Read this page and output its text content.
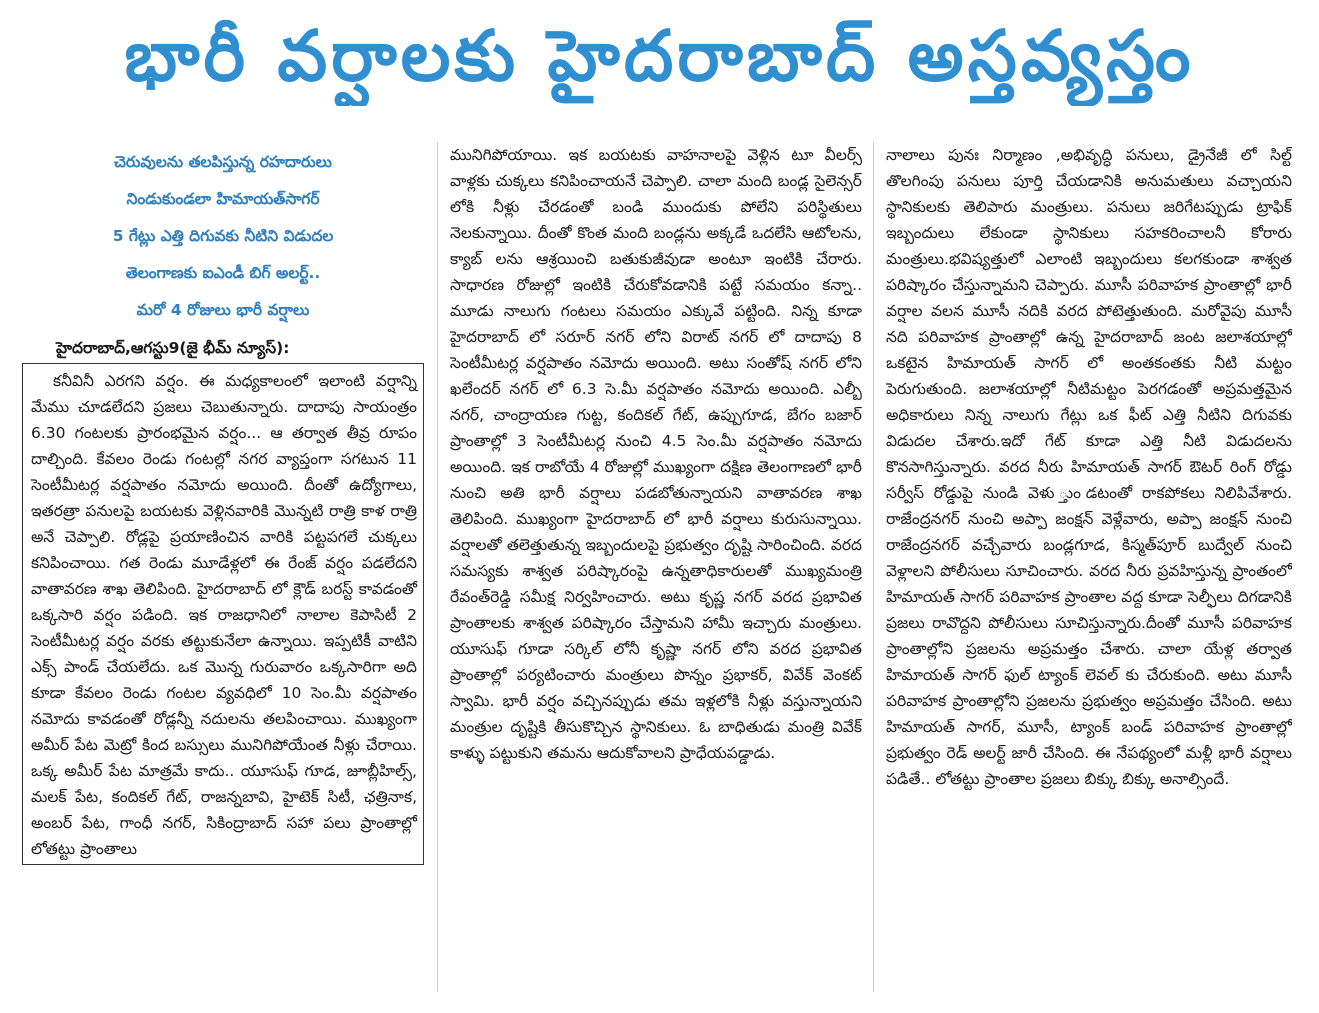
భారీ వర్షాలకు హైదరాబాద్ అస్తవ్యస్తం
చెరువులను తలపిస్తున్న రహదారులు
నిండుకుండలా హిమాయత్‌సాగర్
5 గేట్లు ఎత్తి దిగువకు నీటిని విడుదల
తెలంగాణకు ఐఎండీ బిగ్ అలర్ట్..
మరో 4 రోజులు భారీ వర్షాలు
హైదరాబాద్,ఆగస్టు9(జై భీమ్ న్యూస్):

కనీవినీ ఎరగని వర్షం. ఈ మధ్యకాలంలో ఇలాంటి వర్షాన్ని మేము చూడలేదని ప్రజలు చెబుతున్నారు. దాదాపు సాయంత్రం 6.30 గంటలకు ప్రారంభమైన వర్షం... ఆ తర్వాత తీవ్ర రూపం దాల్చింది. కేవలం రెండు గంటల్లో నగర వ్యాప్తంగా సగటున 11 సెంటీమీటర్ల వర్షపాతం నమోదు అయింది. దీంతో ఉద్యోగాలు, ఇతరత్రా పనులపై బయటకు వెళ్లినవారికి మొన్నటి రాత్రి కాళ రాత్రి అనే చెప్పాలి. రోడ్లపై ప్రయాణించిన వారికి పట్టపగలే చుక్కలు కనిపించాయి. గత రెండు మూడేళ్లలో ఈ రేంజ్ వర్షం పడలేదని వాతావరణ శాఖ తెలిపింది. హైదరాబాద్ లో క్లౌడ్ బరస్ట్ కావడంతో ఒక్కసారి వర్షం పడింది. ఇక రాజధానిలో నాలాల కెపాసిటీ 2 సెంటీమీటర్ల వర్షం వరకు తట్టుకునేలా ఉన్నాయి. ఇప్పటికీ వాటిని ఎక్స్ పాండ్ చేయలేదు. ఒక మొన్న గురువారం ఒక్కసారిగా అది కూడా కేవలం రెండు గంటల వ్యవధిలో 10 సెం.మీ వర్షపాతం నమోదు కావడంతో రోడ్లన్నీ నదులను తలపించాయి. ముఖ్యంగా అమీర్ పేట మెట్రో కింద బస్సులు మునిగిపోయేంత నీళ్లు చేరాయి. ఒక్క అమీర్ పేట మాత్రమే కాదు.. యూసుఫ్ గూడ, జూబ్లీహిల్స్, మలక్ పేట, కందికల్ గేట్, రాజన్నబావి, హైటెక్ సిటీ, ఛత్రినాక, అంబర్ పేట, గాంధీ నగర్, సికింద్రాబాద్ సహా పలు ప్రాంతాల్లో లోతట్టు ప్రాంతాలు

మునిగిపోయాయి. ఇక బయటకు వాహనాలపై వెళ్లిన టూ వీలర్స్ వాళ్లకు చుక్కలు కనిపించాయనే చెప్పాలి. చాలా మంది బండ్ల సైలెన్సర్ లోకి నీళ్లు చేరడంతో బండి ముందుకు పోలేని పరిస్థితులు నెలకున్నాయి. దీంతో కొంత మంది బండ్లను అక్కడే ఒదలేసి ఆటోలను, క్యాబ్ లను ఆశ్రయించి బతుకుజీవుడా అంటూ ఇంటికి చేరారు. సాధారణ రోజుల్లో ఇంటికి చేరుకోవడానికి పట్టే సమయం కన్నా.. మూడు నాలుగు గంటలు సమయం ఎక్కువే పట్టింది. నిన్న కూడా హైదరాబాద్ లో సరూర్ నగర్ లోని విరాట్ నగర్ లో దాదాపు 8 సెంటీమీటర్ల వర్షపాతం నమోదు అయింది. అటు సంతోష్ నగర్ లోని ఖలేందర్ నగర్ లో 6.3 సె.మీ వర్షపాతం నమోదు అయింది. ఎల్బీ నగర్, చాంద్రాయణ గుట్ట, కందికల్ గేట్, ఉప్పుగూడ, బేగం బజార్ ప్రాంతాల్లో 3 సెంటీమీటర్ల నుంచి 4.5 సెం.మీ వర్షపాతం నమోదు అయింది. ఇక రాబోయే 4 రోజుల్లో ముఖ్యంగా దక్షిణ తెలంగాణలో భారీ నుంచి అతి భారీ వర్షాలు పడబోతున్నాయని వాతావరణ శాఖ తెలిపింది. ముఖ్యంగా హైదరాబాద్ లో భారీ వర్షాలు కురుసున్నాయి. వర్షాలతో తలెత్తుతున్న ఇబ్బందులపై ప్రభుత్వం దృష్టి సారించింది. వరద సమస్యకు శాశ్వత పరిష్కారంపై ఉన్నతాధికారులతో ముఖ్యమంత్రి రేవంత్‌రెడ్డి సమీక్ష నిర్వహించారు. అటు కృష్ణ నగర్ వరద ప్రభావిత ప్రాంతాలకు శాశ్వత పరిష్కారం చేస్తామని హామీ ఇచ్చారు మంత్రులు. యూసుఫ్ గూడా సర్కిల్ లోనీ కృష్ణా నగర్ లోని వరద ప్రభావిత ప్రాంతాల్లో పర్యటించారు మంత్రులు పొన్నం ప్రభాకర్, వివేక్ వెంకట్ స్వామి. భారీ వర్షం వచ్చినప్పుడు తమ ఇళ్లలోకి నీళ్లు వస్తున్నాయని మంత్రుల దృష్టికి తీసుకొచ్చిన స్థానికులు. ఓ బాధితుడు మంత్రి వివేక్ కాళ్ళు పట్టుకుని తమను ఆదుకోవాలని ప్రాధేయపడ్డాడు.

నాలాలు పునః నిర్మాణం ,అభివృద్ధి పనులు, డ్రైనేజీ లో సిల్ట్ తొలగింపు పనులు పూర్తి చేయడానికి అనుమతులు వచ్చాయని స్థానికులకు తెలిపారు మంత్రులు. పనులు జరిగేటప్పుడు ట్రాఫిక్ ఇబ్బందులు లేకుండా స్థానికులు సహకరించాలనీ కోరారు మంత్రులు.భవిష్యత్తులో ఎలాంటి ఇబ్బందులు కలగకుండా శాశ్వత పరిష్కారం చేస్తున్నామని చెప్పారు. మూసీ పరివాహక ప్రాంతాల్లో భారీ వర్షాల వలన మూసీ నదికి వరద పోటెత్తుతుంది. మరోవైపు మూసీ నది పరివాహక ప్రాంతాల్లో ఉన్న హైదరాబాద్ జంట జలాశయాల్లో ఒకటైన హిమాయత్ సాగర్ లో అంతకంతకు నీటి మట్టం పెరుగుతుంది. జలాశయాల్లో నీటిమట్టం పెరగడంతో అప్రమత్తమైన అధికారులు నిన్న నాలుగు గేట్లు ఒక ఫీట్ ఎత్తి నీటిని దిగువకు విడుదల చేశారు.ఇదో గేట్ కూడా ఎత్తి నీటి విడుదలను కొనసాగిస్తున్నారు. వరద నీరు హిమాయత్ సాగర్ ఔటర్ రింగ్ రోడ్డు సర్వీస్ రోడ్డుపై నుండి వెళు ్తుండటంతో రాకపోకలు నిలిపివేశారు. రాజేంద్రనగర్ నుంచి అప్పా జంక్షన్ వెళ్లేవారు, అప్పా జంక్షన్ నుంచి రాజేంద్రనగర్ వచ్చేవారు బండ్లగూడ, కిస్మత్‌పూర్ బుద్వేల్ నుంచి వెళ్లాలని పోలీసులు సూచించారు. వరద నీరు ప్రవహిస్తున్న ప్రాంతంలో హిమాయత్ సాగర్ పరివాహక ప్రాంతాల వద్ద కూడా సెల్ఫీలు దిగడానికి ప్రజలు రావొద్దని పోలీసులు సూచిస్తున్నారు.దీంతో మూసీ పరివాహక ప్రాంతాల్లోని ప్రజలను అప్రమత్తం చేశారు. చాలా యేళ్ల తర్వాత హిమాయత్ సాగర్ ఫుల్ ట్యాంక్ లెవల్ కు చేరుకుంది. అటు మూసీ పరివాహక ప్రాంతాల్లోని ప్రజలను ప్రభుత్వం అప్రమత్తం చేసింది. అటు హిమాయత్ సాగర్, మూసీ, ట్యాంక్ బండ్ పరివాహక ప్రాంతాల్లో ప్రభుత్వం రెడ్ అలర్ట్ జారీ చేసింది. ఈ నేపథ్యంలో మళ్లీ భారీ వర్షాలు పడితే.. లోతట్టు ప్రాంతాల ప్రజలు బిక్కు బిక్కు అనాల్సిందే.
